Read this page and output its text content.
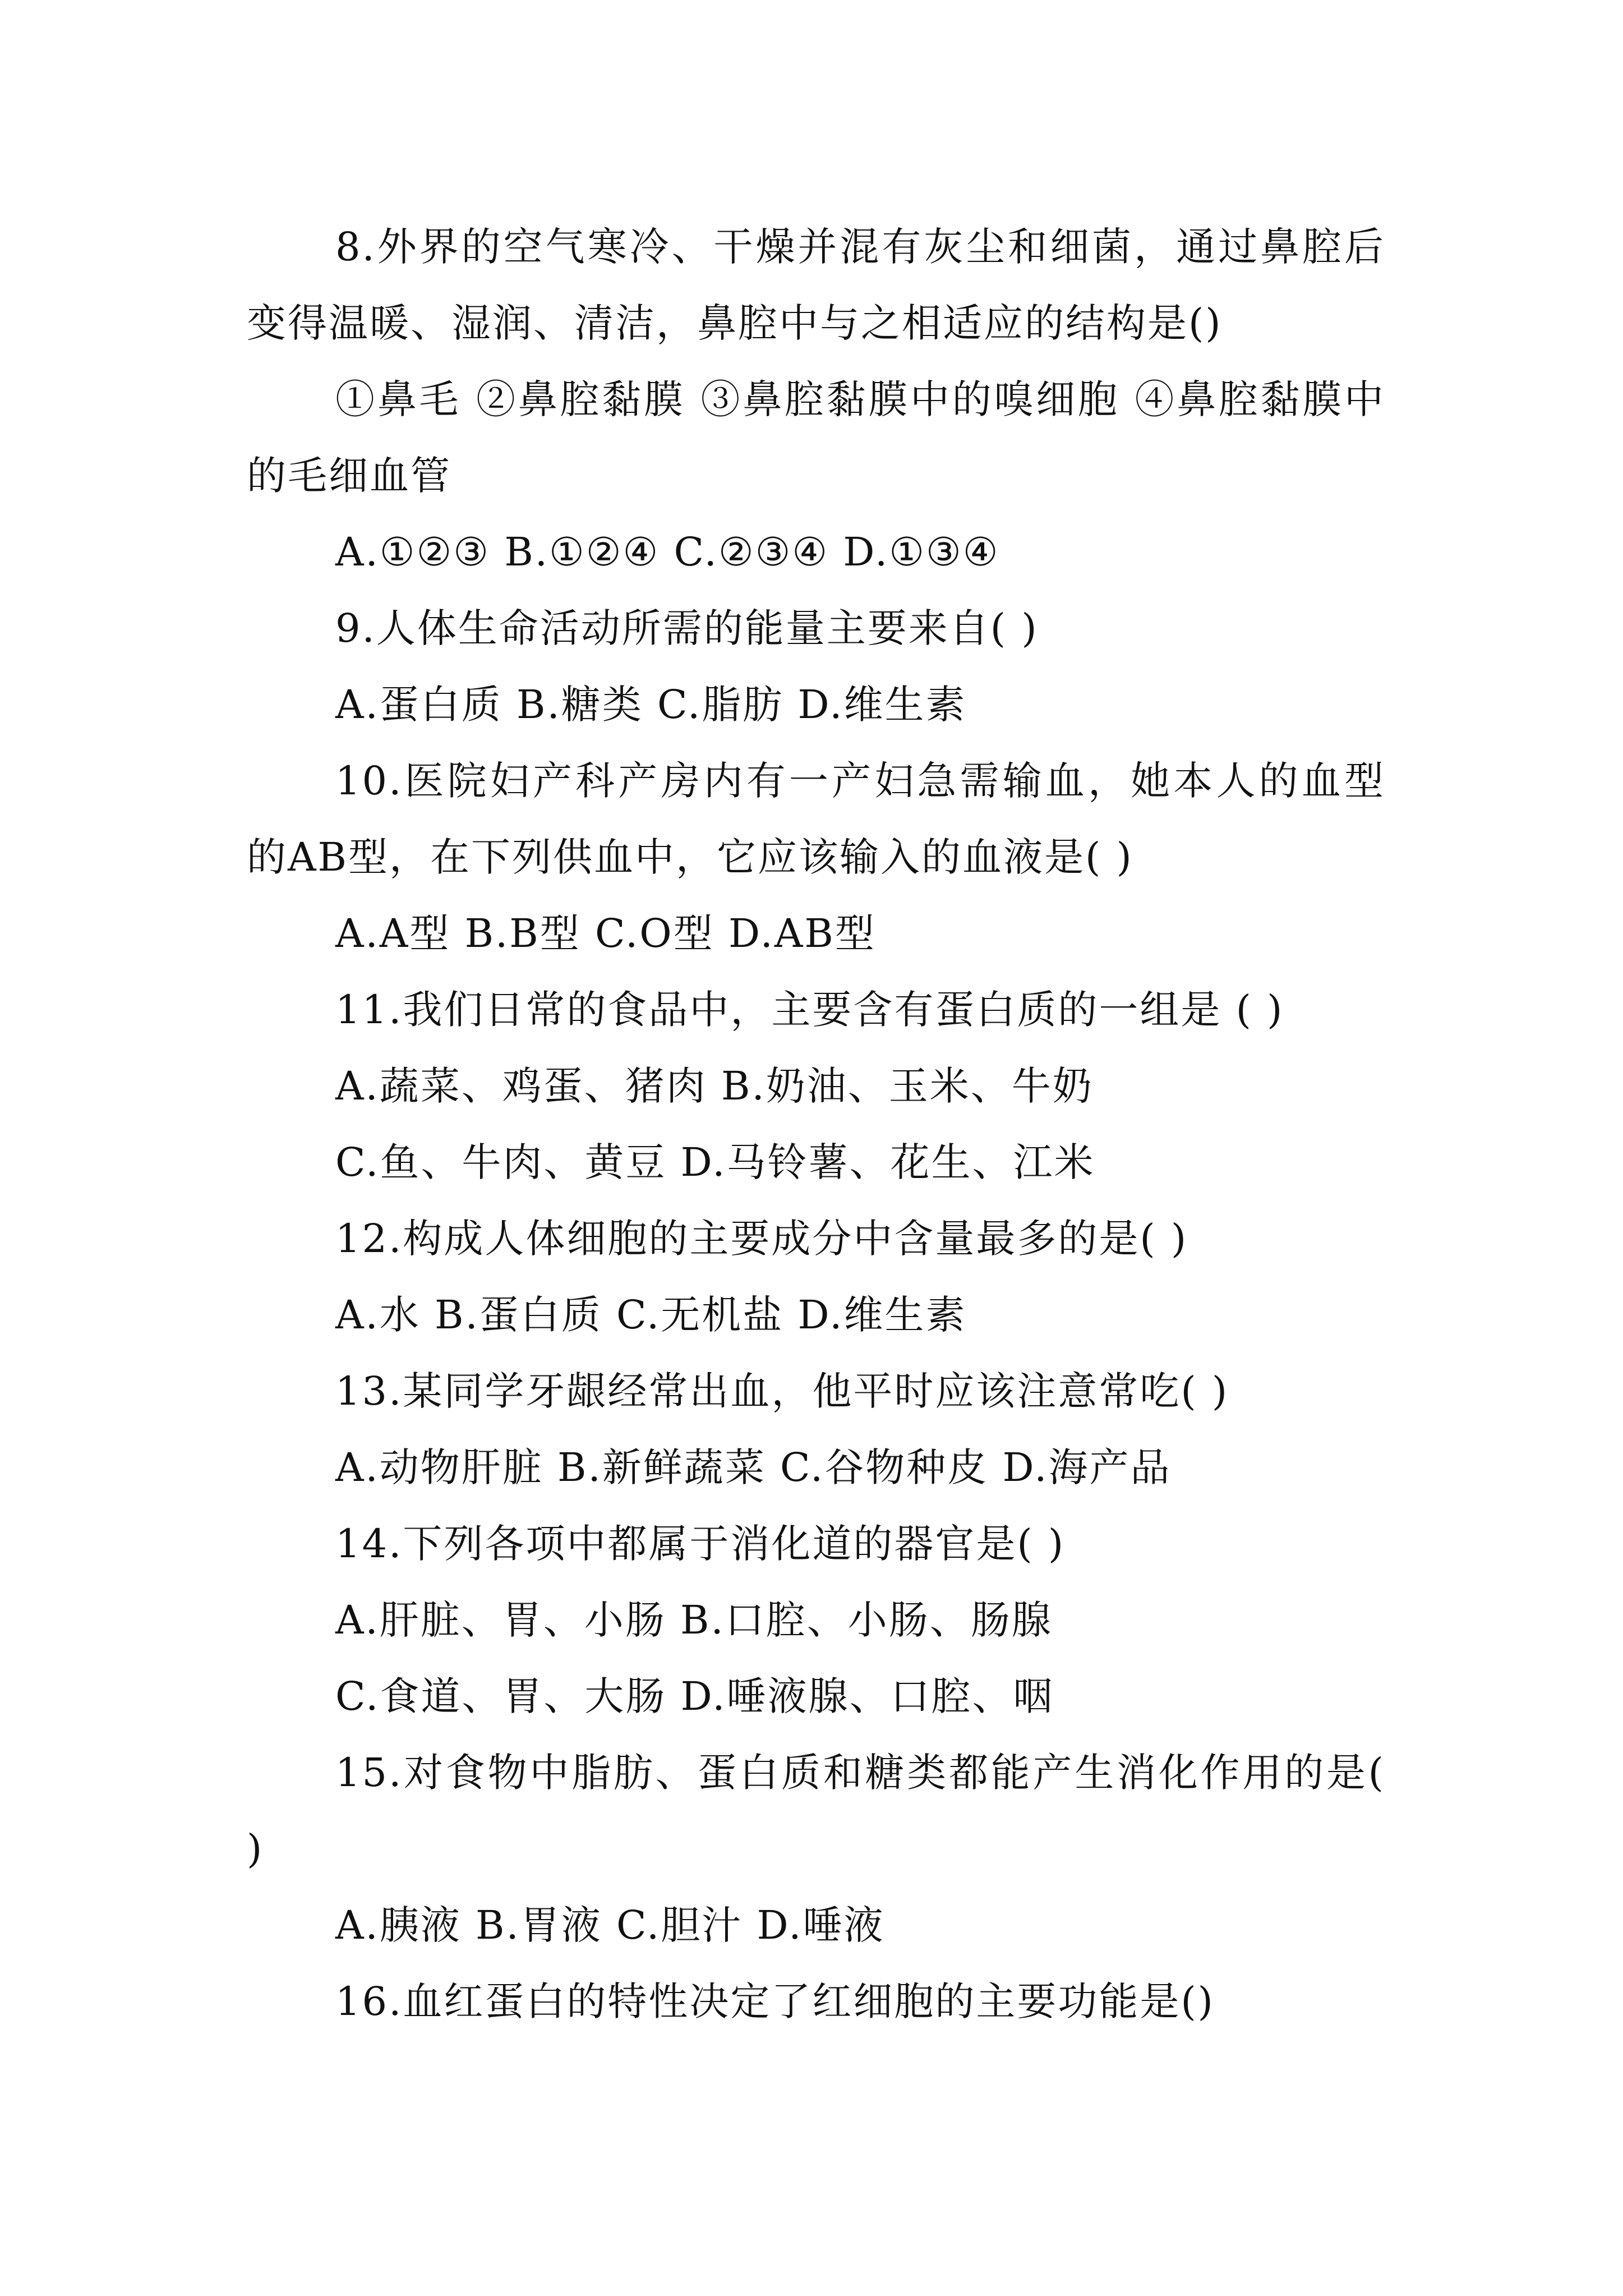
8.外界的空气寒冷、干燥并混有灰尘和细菌，通过鼻腔后变得温暖、湿润、清洁，鼻腔中与之相适应的结构是()

①鼻毛 ②鼻腔黏膜 ③鼻腔黏膜中的嗅细胞 ④鼻腔黏膜中的毛细血管

A.①②③ B.①②④ C.②③④ D.①③④

9.人体生命活动所需的能量主要来自( )

A.蛋白质 B.糖类 C.脂肪 D.维生素

10.医院妇产科产房内有一产妇急需输血，她本人的血型的AB型，在下列供血中，它应该输入的血液是( )

A.A型 B.B型 C.O型 D.AB型

11.我们日常的食品中，主要含有蛋白质的一组是 ( )

A.蔬菜、鸡蛋、猪肉 B.奶油、玉米、牛奶

C.鱼、牛肉、黄豆 D.马铃薯、花生、江米

12.构成人体细胞的主要成分中含量最多的是( )

A.水 B.蛋白质 C.无机盐 D.维生素

13.某同学牙龈经常出血，他平时应该注意常吃( )

A.动物肝脏 B.新鲜蔬菜 C.谷物种皮 D.海产品

14.下列各项中都属于消化道的器官是( )

A.肝脏、胃、小肠 B.口腔、小肠、肠腺

C.食道、胃、大肠 D.唾液腺、口腔、咽

15.对食物中脂肪、蛋白质和糖类都能产生消化作用的是( )

A.胰液 B.胃液 C.胆汁 D.唾液

16.血红蛋白的特性决定了红细胞的主要功能是()
